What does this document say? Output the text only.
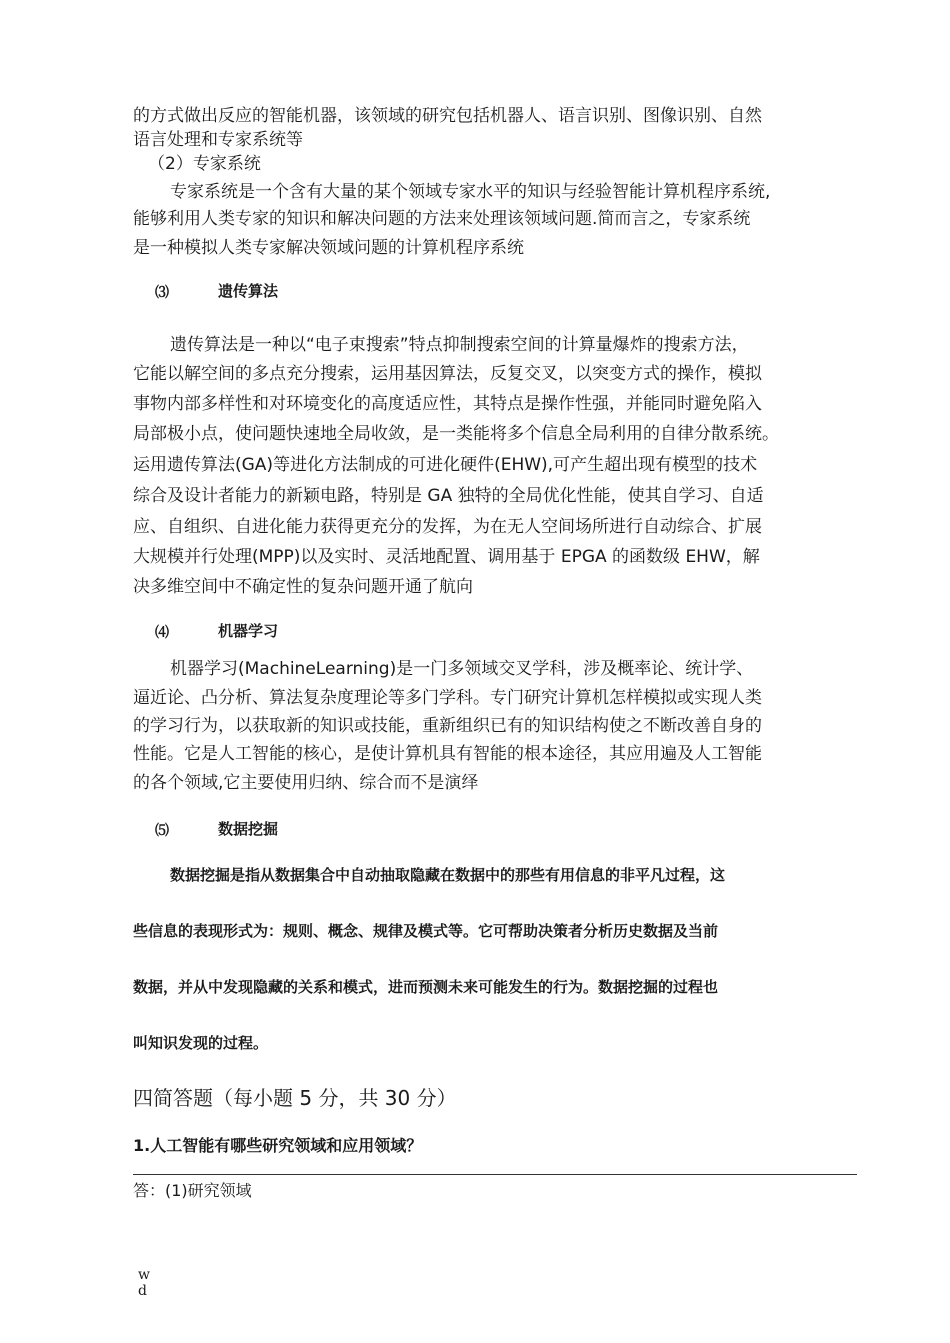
的方式做出反应的智能机器，该领域的研究包括机器人、语言识别、图像识别、自然
语言处理和专家系统等
（2）专家系统
专家系统是一个含有大量的某个领域专家水平的知识与经验智能计算机程序系统,
能够利用人类专家的知识和解决问题的方法来处理该领域问题.简而言之，专家系统
是一种模拟人类专家解决领域问题的计算机程序系统
⑶	遗传算法
遗传算法是一种以“电子束搜索”特点抑制搜索空间的计算量爆炸的搜索方法，
它能以解空间的多点充分搜索，运用基因算法，反复交叉，以突变方式的操作，模拟
事物内部多样性和对环境变化的高度适应性，其特点是操作性强，并能同时避免陷入
局部极小点，使问题快速地全局收敛，是一类能将多个信息全局利用的自律分散系统。
运用遗传算法(GA)等进化方法制成的可进化硬件(EHW),可产生超出现有模型的技术
综合及设计者能力的新颖电路，特别是 GA 独特的全局优化性能，使其自学习、自适
应、自组织、自进化能力获得更充分的发挥，为在无人空间场所进行自动综合、扩展
大规模并行处理(MPP)以及实时、灵活地配置、调用基于 EPGA 的函数级 EHW，解
决多维空间中不确定性的复杂问题开通了航向
⑷	机器学习
机器学习(MachineLearning)是一门多领域交叉学科，涉及概率论、统计学、
逼近论、凸分析、算法复杂度理论等多门学科。专门研究计算机怎样模拟或实现人类
的学习行为，以获取新的知识或技能，重新组织已有的知识结构使之不断改善自身的
性能。它是人工智能的核心，是使计算机具有智能的根本途径，其应用遍及人工智能
的各个领域,它主要使用归纳、综合而不是演绎
⑸	数据挖掘
数据挖掘是指从数据集合中自动抽取隐藏在数据中的那些有用信息的非平凡过程，这
些信息的表现形式为：规则、概念、规律及模式等。它可帮助决策者分析历史数据及当前
数据，并从中发现隐藏的关系和模式，进而预测未来可能发生的行为。数据挖掘的过程也
叫知识发现的过程。
四简答题（每小题 5 分，共 30 分）
1.人工智能有哪些研究领域和应用领域？
答：(1)研究领域
w
d
